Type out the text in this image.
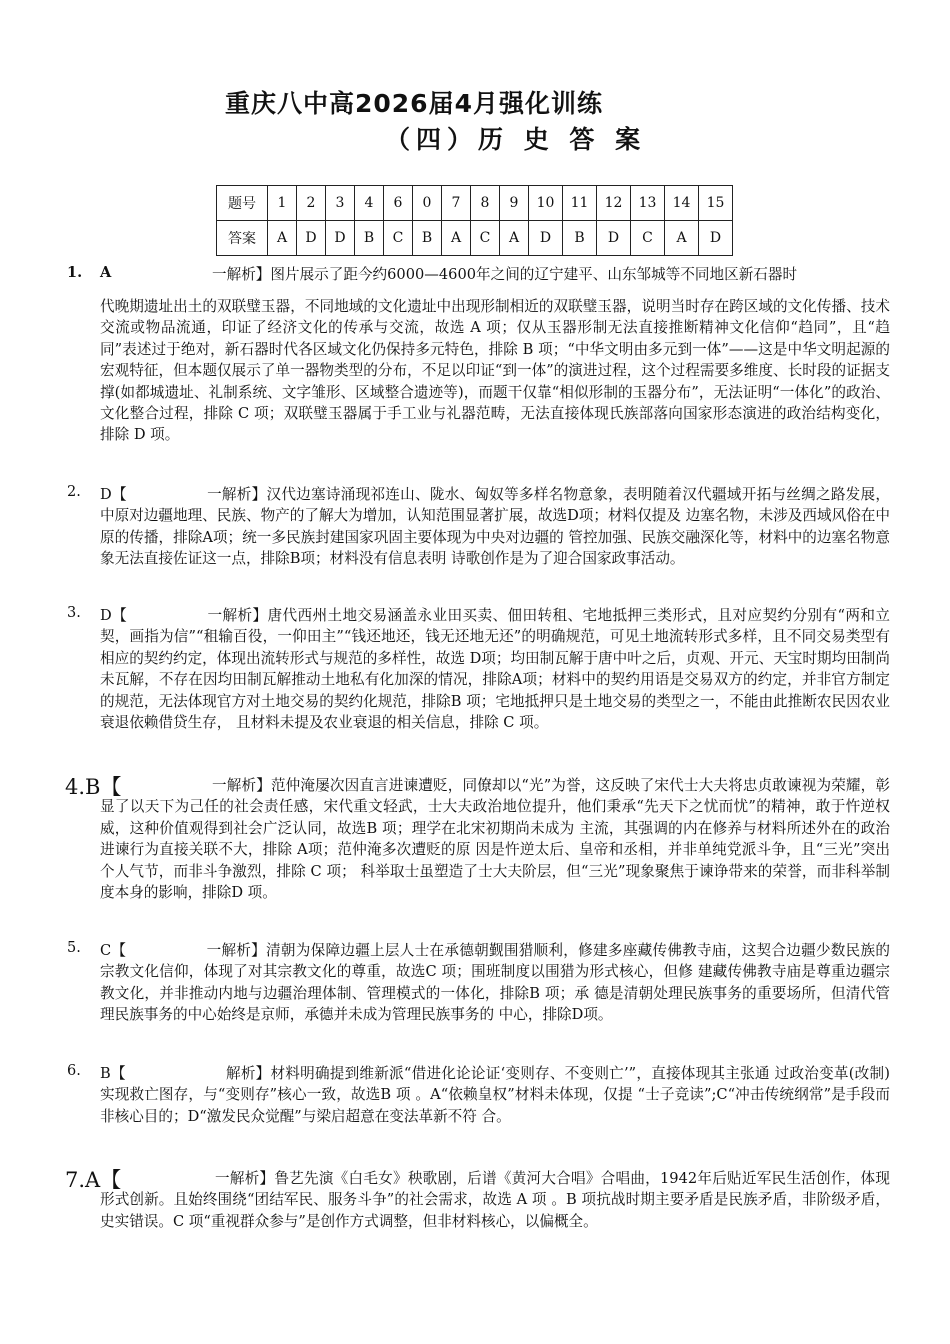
重庆八中高2026届4月强化训练
（四）历 史 答 案
题号	1	2	3	4	6	0	7	8	9	10	11	12	13	14	15
答案	A	D	D	B	C	B	A	C	A	D	B	D	C	A	D
1. A	一解析】图片展示了距今约6000—4600年之间的辽宁建平、山东邹城等不同地区新石器时
代晚期遗址出土的双联璧玉器，不同地域的文化遗址中出现形制相近的双联璧玉器，说明当时存在跨区域的文化传播、技术交流或物品流通，印证了经济文化的传承与交流，故选 A 项；仅从玉器形制无法直接推断精神文化信仰“趋同”，且“趋同”表述过于绝对，新石器时代各区域文化仍保持多元特色，排除 B 项；“中华文明由多元到一体”——这是中华文明起源的宏观特征，但本题仅展示了单一器物类型的分布，不足以印证“到一体”的演进过程，这个过程需要多维度、长时段的证据支撑(如都城遗址、礼制系统、文字雏形、区域整合遗迹等)，而题干仅靠“相似形制的玉器分布”，无法证明“一体化”的政治、文化整合过程，排除 C 项；双联璧玉器属于手工业与礼器范畴，无法直接体现氏族部落向国家形态演进的政治结构变化，排除 D 项。
2. D【	一解析】汉代边塞诗涌现祁连山、陇水、匈奴等多样名物意象，表明随着汉代疆域开拓与丝绸之路发展，中原对边疆地理、民族、物产的了解大为增加，认知范围显著扩展，故选D项；材料仅提及 边塞名物，未涉及西域风俗在中原的传播，排除A项；统一多民族封建国家巩固主要体现为中央对边疆的 管控加强、民族交融深化等，材料中的边塞名物意象无法直接佐证这一点，排除B项；材料没有信息表明 诗歌创作是为了迎合国家政事活动。
3. D【	一解析】唐代西州土地交易涵盖永业田买卖、佃田转租、宅地抵押三类形式，且对应契约分别有“两和立契，画指为信”“租输百役，一仰田主”“钱还地还，钱无还地无还”的明确规范，可见土地流转形式多样，且不同交易类型有相应的契约约定，体现出流转形式与规范的多样性，故选 D项；均田制瓦解于唐中叶之后，贞观、开元、天宝时期均田制尚未瓦解，不存在因均田制瓦解推动土地私有化加深的情况，排除A项；材料中的契约用语是交易双方的约定，并非官方制定的规范，无法体现官方对土地交易的契约化规范，排除B 项；宅地抵押只是土地交易的类型之一，不能由此推断农民因农业衰退依赖借贷生存， 且材料未提及农业衰退的相关信息，排除 C 项。
4.B【	一解析】范仲淹屡次因直言进谏遭贬，同僚却以“光”为誉，这反映了宋代士大夫将忠贞敢谏视为荣耀，彰显了以天下为己任的社会责任感，宋代重文轻武，士大夫政治地位提升，他们秉承“先天下之忧而忧”的精神，敢于忤逆权威，这种价值观得到社会广泛认同，故选B 项；理学在北宋初期尚未成为 主流，其强调的内在修养与材料所述外在的政治进谏行为直接关联不大，排除 A项；范仲淹多次遭贬的原 因是忤逆太后、皇帝和丞相，并非单纯党派斗争，且“三光”突出个人气节，而非斗争激烈，排除 C 项； 科举取士虽塑造了士大夫阶层，但“三光”现象聚焦于谏诤带来的荣誉，而非科举制度本身的影响，排除D 项。
5. C【	一解析】清朝为保障边疆上层人士在承德朝觐围猎顺利，修建多座藏传佛教寺庙，这契合边疆少数民族的宗教文化信仰，体现了对其宗教文化的尊重，故选C 项；围班制度以围猎为形式核心，但修 建藏传佛教寺庙是尊重边疆宗教文化，并非推动内地与边疆治理体制、管理模式的一体化，排除B 项；承 德是清朝处理民族事务的重要场所，但清代管理民族事务的中心始终是京师，承德并未成为管理民族事务的 中心，排除D项。
6. B【	解析】材料明确提到维新派“借进化论论证‘变则存、不变则亡’”，直接体现其主张通 过政治变革(改制)实现救亡图存，与“变则存”核心一致，故选B 项 。A“依赖皇权”材料未体现，仅提 “士子竞读”;C“冲击传统纲常”是手段而非核心目的；D“激发民众觉醒”与梁启超意在变法革新不符 合。
7.A【	一解析】鲁艺先演《白毛女》秧歌剧，后谱《黄河大合唱》合唱曲，1942年后贴近军民生活创作，体现形式创新。且始终围绕“团结军民、服务斗争”的社会需求，故选 A 项 。B 项抗战时期主要矛盾是民族矛盾，非阶级矛盾，史实错误。C 项“重视群众参与”是创作方式调整，但非材料核心，以偏概全。
